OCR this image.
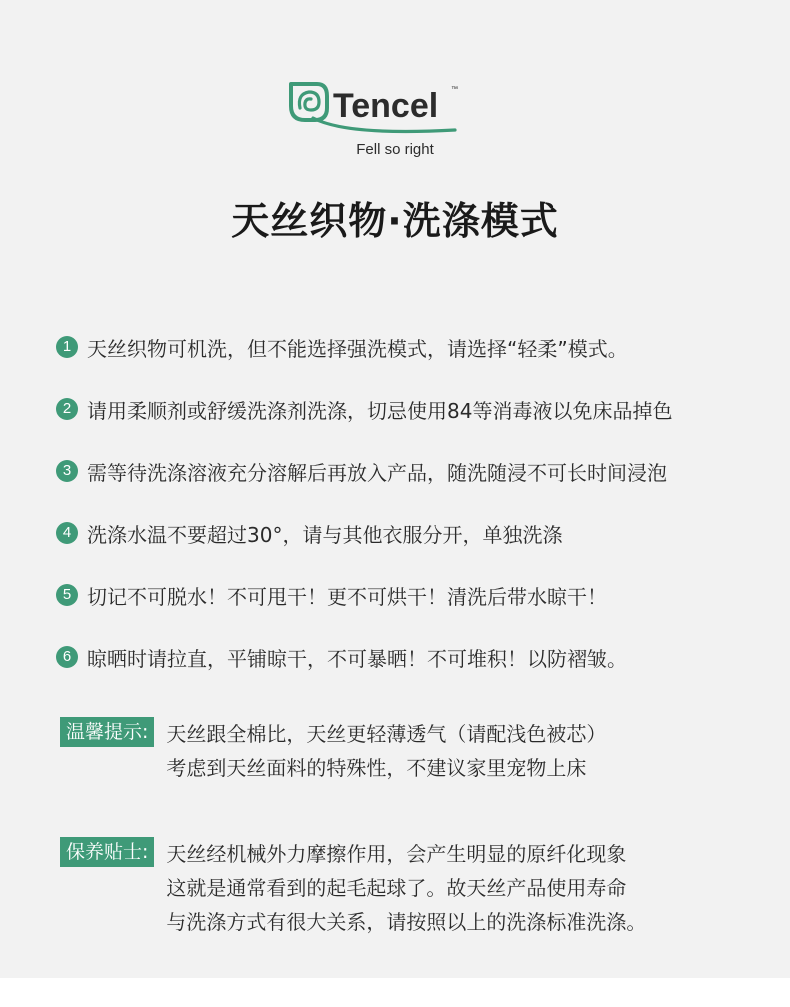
Tencel ™
Fell so right
天丝织物·洗涤模式
1 天丝织物可机洗，但不能选择强洗模式，请选择“轻柔”模式。
2 请用柔顺剂或舒缓洗涤剂洗涤，切忌使用84等消毒液以免床品掉色
3 需等待洗涤溶液充分溶解后再放入产品，随洗随浸不可长时间浸泡
4 洗涤水温不要超过30°，请与其他衣服分开，单独洗涤
5 切记不可脱水！不可甩干！更不可烘干！清洗后带水晾干！
6 晾晒时请拉直，平铺晾干，不可暴晒！不可堆积！以防褶皱。
温馨提示: 天丝跟全棉比，天丝更轻薄透气（请配浅色被芯）
考虑到天丝面料的特殊性，不建议家里宠物上床
保养贴士: 天丝经机械外力摩擦作用，会产生明显的原纤化现象
这就是通常看到的起毛起球了。故天丝产品使用寿命
与洗涤方式有很大关系，请按照以上的洗涤标准洗涤。
